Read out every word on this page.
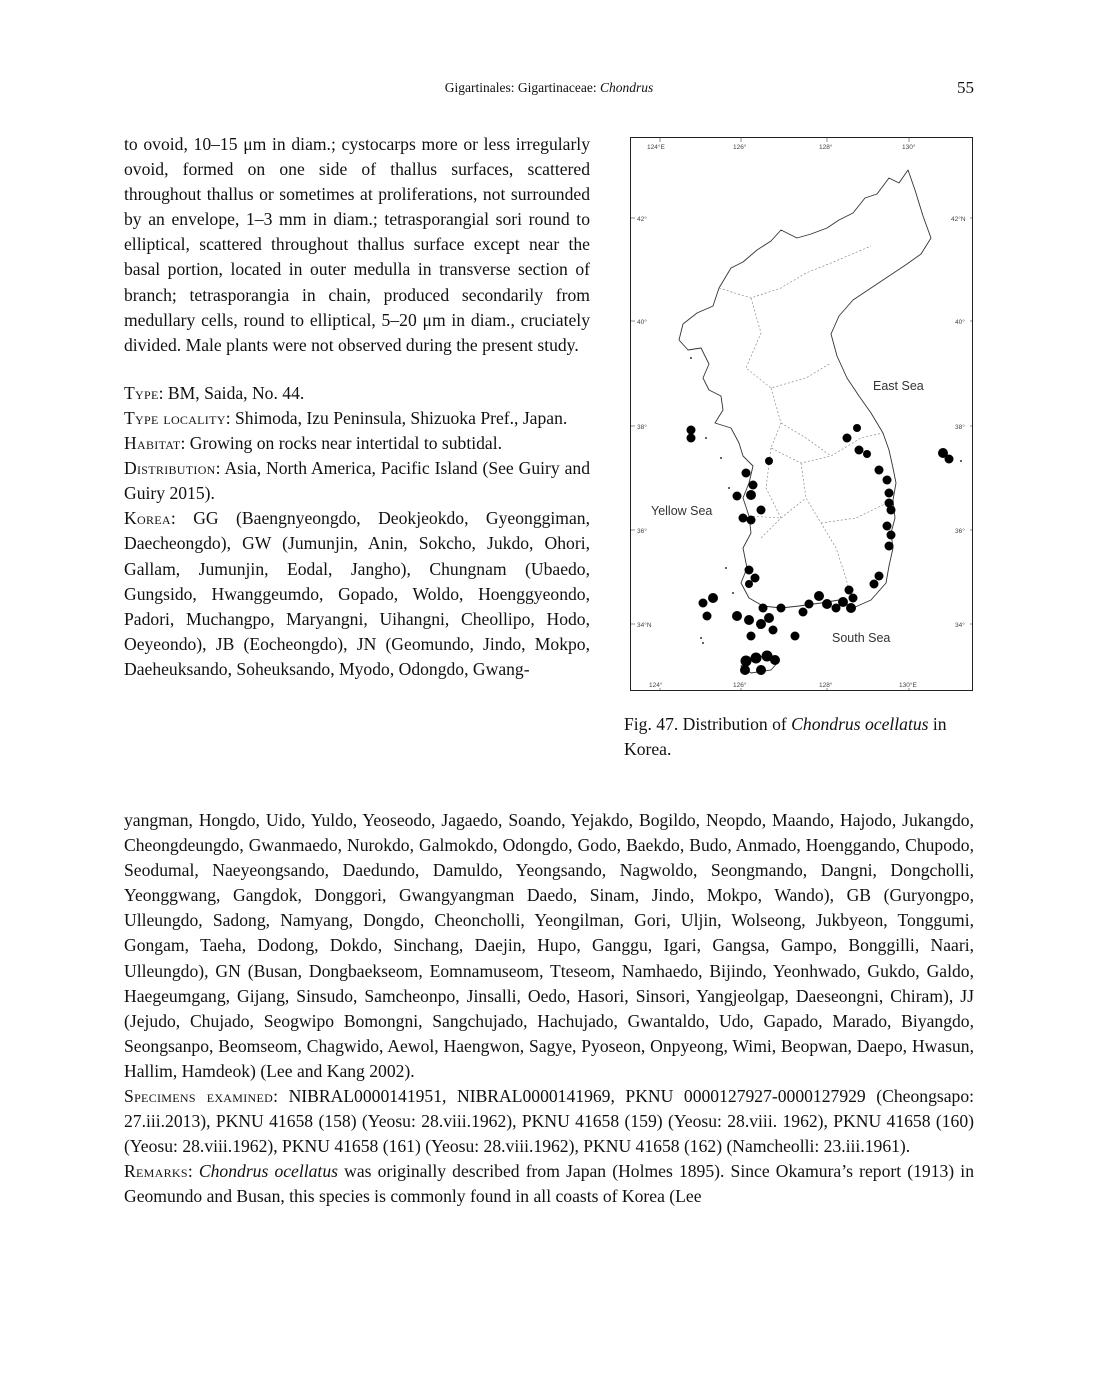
Gigartinales: Gigartinaceae: Chondrus	55

to ovoid, 10–15 μm in diam.; cystocarps more or less irregularly ovoid, formed on one side of thallus surfaces, scattered throughout thallus or sometimes at proliferations, not surrounded by an envelope, 1–3 mm in diam.; tetrasporangial sori round to elliptical, scattered throughout thallus surface except near the basal portion, located in outer medulla in transverse section of branch; tetrasporangia in chain, produced secondarily from medullary cells, round to elliptical, 5–20 μm in diam., cruciately divided. Male plants were not observed during the present study.

Type: BM, Saida, No. 44.

Type locality: Shimoda, Izu Peninsula, Shizuoka Pref., Japan.

Habitat: Growing on rocks near intertidal to subtidal.

Distribution: Asia, North America, Pacific Island (See Guiry and Guiry 2015).

Korea: GG (Baengnyeongdo, Deokjeokdo, Gyeonggiman, Daecheongdo), GW (Jumunjin, Anin, Sokcho, Jukdo, Ohori, Gallam, Jumunjin, Eodal, Jangho), Chungnam (Ubaedo, Gungsido, Hwanggeumdo, Gopado, Woldo, Hoenggyeondo, Padori, Muchangpo, Maryangni, Uihangni, Cheollipo, Hodo, Oeyeondo), JB (Eocheongdo), JN (Geomundo, Jindo, Mokpo, Daeheuksando, Soheuksando, Myodo, Odongdo, Gwang-

124°E	126°	128°	130°
124°	126°	128°	130°E
42°
40°
38°
36°
34°N
42°N
40°
38°
36°
34°
East Sea
Yellow Sea
South Sea
Fig. 47. Distribution of Chondrus ocellatus in Korea.

yangman, Hongdo, Uido, Yuldo, Yeoseodo, Jagaedo, Soando, Yejakdo, Bogildo, Neopdo, Maando, Hajodo, Jukangdo, Cheongdeungdo, Gwanmaedo, Nurokdo, Galmokdo, Odongdo, Godo, Baekdo, Budo, Anmado, Hoenggando, Chupodo, Seodumal, Naeyeongsando, Daedundo, Damuldo, Yeongsando, Nagwoldo, Seongmando, Dangni, Dongcholli, Yeonggwang, Gangdok, Donggori, Gwangyangman Daedo, Sinam, Jindo, Mokpo, Wando), GB (Guryongpo, Ulleungdo, Sadong, Namyang, Dongdo, Cheoncholli, Yeongilman, Gori, Uljin, Wolseong, Jukbyeon, Tonggumi, Gongam, Taeha, Dodong, Dokdo, Sinchang, Daejin, Hupo, Ganggu, Igari, Gangsa, Gampo, Bonggilli, Naari, Ulleungdo), GN (Busan, Dongbaekseom, Eomnamuseom, Tteseom, Namhaedo, Bijindo, Yeonhwado, Gukdo, Galdo, Haegeumgang, Gijang, Sinsudo, Samcheonpo, Jinsalli, Oedo, Hasori, Sinsori, Yangjeolgap, Daeseongni, Chiram), JJ (Jejudo, Chujado, Seogwipo Bomongni, Sangchujado, Hachujado, Gwantaldo, Udo, Gapado, Marado, Biyangdo, Seongsanpo, Beomseom, Chagwido, Aewol, Haengwon, Sagye, Pyoseon, Onpyeong, Wimi, Beopwan, Daepo, Hwasun, Hallim, Hamdeok) (Lee and Kang 2002).

Specimens examined: NIBRAL0000141951, NIBRAL0000141969, PKNU 0000127927-0000127929 (Cheongsapo: 27.iii.2013), PKNU 41658 (158) (Yeosu: 28.viii.1962), PKNU 41658 (159) (Yeosu: 28.viii. 1962), PKNU 41658 (160) (Yeosu: 28.viii.1962), PKNU 41658 (161) (Yeosu: 28.viii.1962), PKNU 41658 (162) (Namcheolli: 23.iii.1961).

Remarks: Chondrus ocellatus was originally described from Japan (Holmes 1895). Since Okamura’s report (1913) in Geomundo and Busan, this species is commonly found in all coasts of Korea (Lee
